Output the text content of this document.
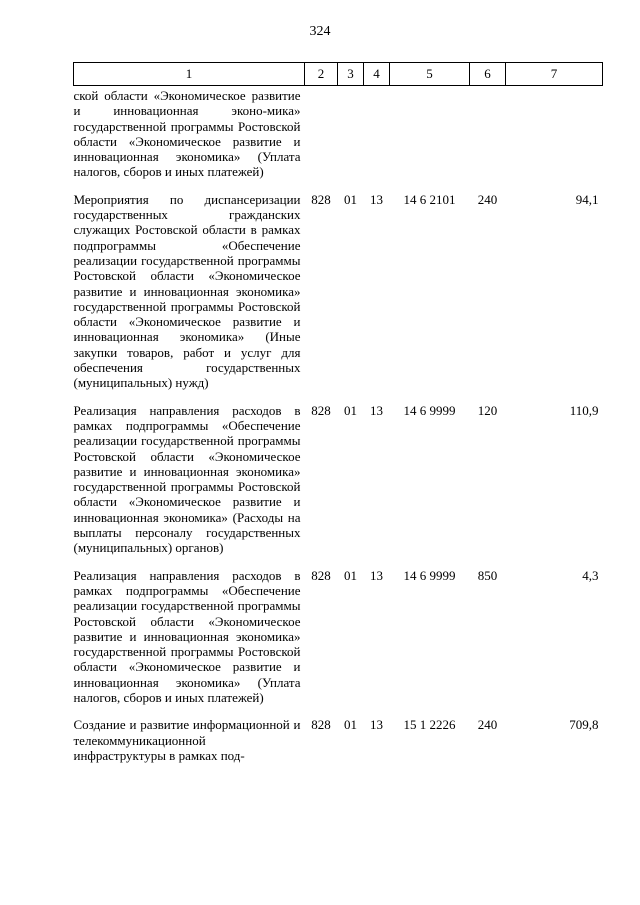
324
1	2	3	4	5	6	7
ской области «Экономическое развитие и инновационная эконо-мика» государственной программы Ростовской области «Экономическое развитие и инновационная экономика» (Уплата налогов, сборов и иных платежей)						
Мероприятия по диспансеризации государственных гражданских служащих Ростовской области в рамках подпрограммы «Обеспечение реализации государственной программы Ростовской области «Экономическое развитие и инновационная экономика» государственной программы Ростовской области «Экономическое развитие и инновационная экономика» (Иные закупки товаров, работ и услуг для обеспечения государственных (муниципальных) нужд)	828	01	13	14 6 2101	240	94,1
Реализация направления расходов в рамках подпрограммы «Обеспечение реализации государственной программы Ростовской области «Экономическое развитие и инновационная экономика» государственной программы Ростовской области «Экономическое развитие и инновационная экономика» (Расходы на выплаты персоналу государственных (муниципальных) органов)	828	01	13	14 6 9999	120	110,9
Реализация направления расходов в рамках подпрограммы «Обеспечение реализации государственной программы Ростовской области «Экономическое развитие и инновационная экономика» государственной программы Ростовской области «Экономическое развитие и инновационная экономика» (Уплата налогов, сборов и иных платежей)	828	01	13	14 6 9999	850	4,3
Создание и развитие информационной и телекоммуникационной инфраструктуры в рамках под-	828	01	13	15 1 2226	240	709,8
